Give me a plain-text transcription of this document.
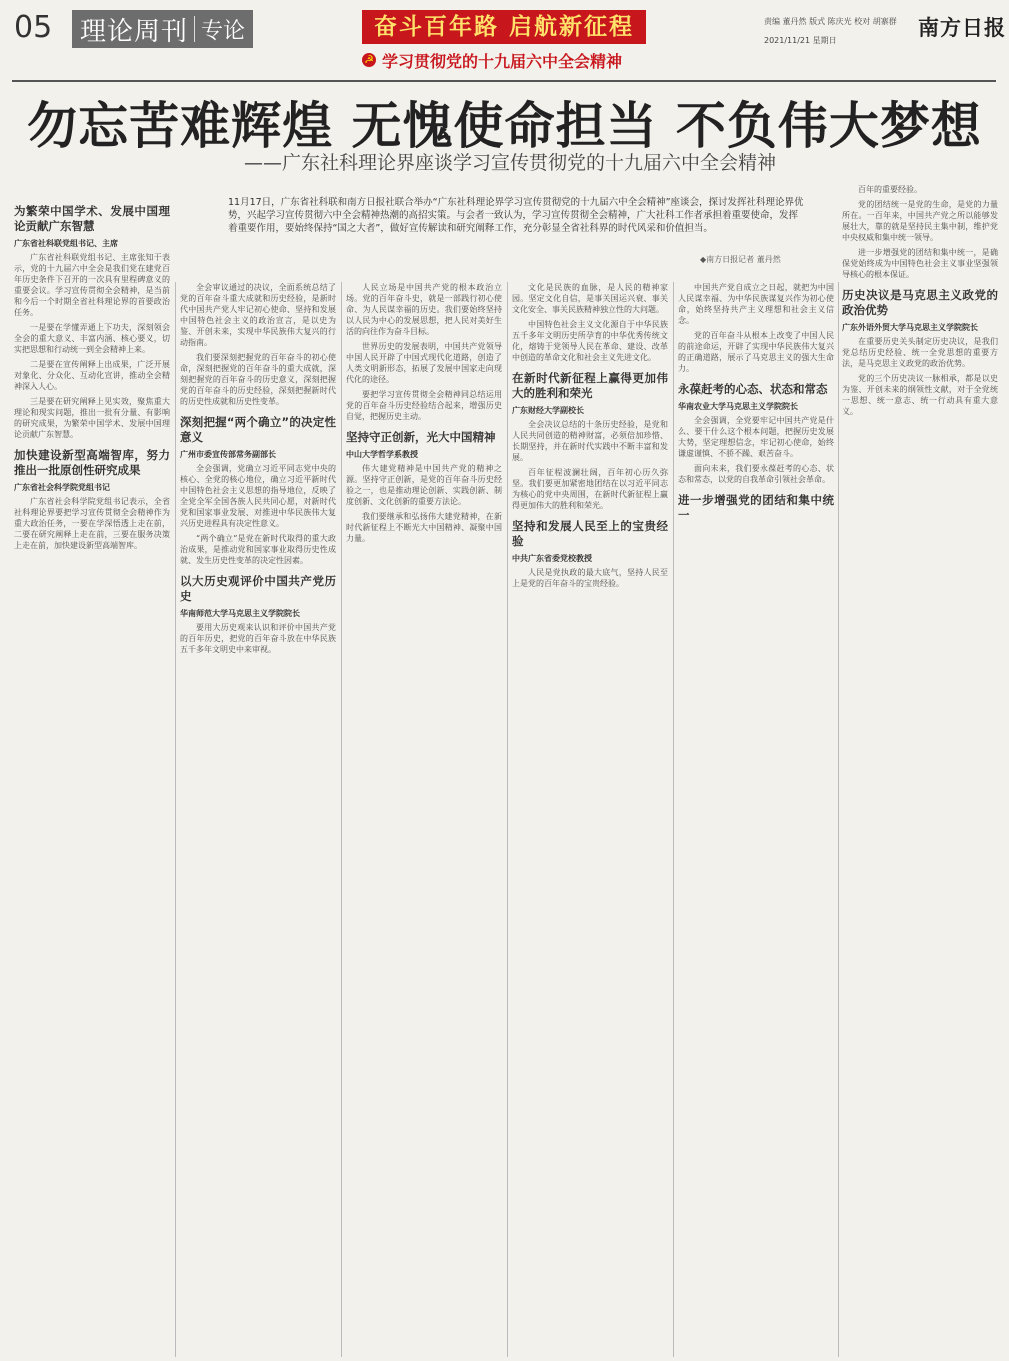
05 理论周刊 专论	奋斗百年路 启航新征程
☭ 学习贯彻党的十九届六中全会精神
责编 董丹然 版式 陈庆光 校对 胡寨群
2021/11/21 星期日
南方日报
勿忘苦难辉煌 无愧使命担当 不负伟大梦想
——广东社科理论界座谈学习宣传贯彻党的十九届六中全会精神
11月17日，广东省社科联和南方日报社联合举办“广东社科理论界学习宣传贯彻党的十九届六中全会精神”座谈会，探讨发挥社科理论界优势，兴起学习宣传贯彻六中全会精神热潮的高招实策。与会者一致认为，学习宣传贯彻全会精神，广大社科工作者承担着重要使命，发挥着重要作用，要始终保持“国之大者”，做好宣传解读和研究阐释工作，充分彰显全省社科界的时代风采和价值担当。
◆南方日报记者 董丹然
为繁荣中国学术、发展中国理论贡献广东智慧
广东省社科联党组书记、主席

广东省社科联党组书记、主席张知干表示，党的十九届六中全会是我们党在建党百年历史条件下召开的一次具有里程碑意义的重要会议。学习宣传贯彻全会精神，是当前和今后一个时期全省社科理论界的首要政治任务。

一是要在学懂弄通上下功夫，深刻领会全会的重大意义、丰富内涵、核心要义，切实把思想和行动统一到全会精神上来。

二是要在宣传阐释上出成果，广泛开展对象化、分众化、互动化宣讲，推动全会精神深入人心。

三是要在研究阐释上见实效，聚焦重大理论和现实问题，推出一批有分量、有影响的研究成果，为繁荣中国学术、发展中国理论贡献广东智慧。

加快建设新型高端智库，努力推出一批原创性研究成果
广东省社会科学院党组书记

广东省社会科学院党组书记表示，全省社科理论界要把学习宣传贯彻全会精神作为重大政治任务，一要在学深悟透上走在前，二要在研究阐释上走在前，三要在服务决策上走在前，加快建设新型高端智库。

全会审议通过的决议，全面系统总结了党的百年奋斗重大成就和历史经验，是新时代中国共产党人牢记初心使命、坚持和发展中国特色社会主义的政治宣言，是以史为鉴、开创未来，实现中华民族伟大复兴的行动指南。

我们要深刻把握党的百年奋斗的初心使命，深刻把握党的百年奋斗的重大成就，深刻把握党的百年奋斗的历史意义，深刻把握党的百年奋斗的历史经验，深刻把握新时代的历史性成就和历史性变革。

深刻把握“两个确立”的决定性意义
广州市委宣传部常务副部长

全会强调，党确立习近平同志党中央的核心、全党的核心地位，确立习近平新时代中国特色社会主义思想的指导地位，反映了全党全军全国各族人民共同心愿，对新时代党和国家事业发展、对推进中华民族伟大复兴历史进程具有决定性意义。

“两个确立”是党在新时代取得的重大政治成果，是推动党和国家事业取得历史性成就、发生历史性变革的决定性因素。

以大历史观评价中国共产党历史
华南师范大学马克思主义学院院长

要用大历史观来认识和评价中国共产党的百年历史，把党的百年奋斗放在中华民族五千多年文明史中来审视。

人民立场是中国共产党的根本政治立场。党的百年奋斗史，就是一部践行初心使命、为人民谋幸福的历史。我们要始终坚持以人民为中心的发展思想，把人民对美好生活的向往作为奋斗目标。

世界历史的发展表明，中国共产党领导中国人民开辟了中国式现代化道路，创造了人类文明新形态，拓展了发展中国家走向现代化的途径。

要把学习宣传贯彻全会精神同总结运用党的百年奋斗历史经验结合起来，增强历史自觉，把握历史主动。

坚持守正创新，光大中国精神
中山大学哲学系教授

伟大建党精神是中国共产党的精神之源。坚持守正创新，是党的百年奋斗历史经验之一，也是推动理论创新、实践创新、制度创新、文化创新的重要方法论。

我们要继承和弘扬伟大建党精神，在新时代新征程上不断光大中国精神、凝聚中国力量。

文化是民族的血脉，是人民的精神家园。坚定文化自信，是事关国运兴衰、事关文化安全、事关民族精神独立性的大问题。

中国特色社会主义文化源自于中华民族五千多年文明历史所孕育的中华优秀传统文化，熔铸于党领导人民在革命、建设、改革中创造的革命文化和社会主义先进文化。

在新时代新征程上赢得更加伟大的胜利和荣光
广东财经大学副校长

全会决议总结的十条历史经验，是党和人民共同创造的精神财富，必须倍加珍惜、长期坚持，并在新时代实践中不断丰富和发展。

百年征程波澜壮阔，百年初心历久弥坚。我们要更加紧密地团结在以习近平同志为核心的党中央周围，在新时代新征程上赢得更加伟大的胜利和荣光。

坚持和发展人民至上的宝贵经验
中共广东省委党校教授

人民是党执政的最大底气，坚持人民至上是党的百年奋斗的宝贵经验。

中国共产党自成立之日起，就把为中国人民谋幸福、为中华民族谋复兴作为初心使命，始终坚持共产主义理想和社会主义信念。

党的百年奋斗从根本上改变了中国人民的前途命运，开辟了实现中华民族伟大复兴的正确道路，展示了马克思主义的强大生命力。

永葆赶考的心态、状态和常态
华南农业大学马克思主义学院院长

全会强调，全党要牢记中国共产党是什么、要干什么这个根本问题，把握历史发展大势，坚定理想信念，牢记初心使命，始终谦虚谨慎、不骄不躁、艰苦奋斗。

面向未来，我们要永葆赶考的心态、状态和常态，以党的自我革命引领社会革命。

进一步增强党的团结和集中统一

百年的重要经验。

党的团结统一是党的生命，是党的力量所在。一百年来，中国共产党之所以能够发展壮大，靠的就是坚持民主集中制，维护党中央权威和集中统一领导。

进一步增强党的团结和集中统一，是确保党始终成为中国特色社会主义事业坚强领导核心的根本保证。

历史决议是马克思主义政党的政治优势
广东外语外贸大学马克思主义学院院长

在重要历史关头制定历史决议，是我们党总结历史经验、统一全党思想的重要方法，是马克思主义政党的政治优势。

党的三个历史决议一脉相承，都是以史为鉴、开创未来的纲领性文献，对于全党统一思想、统一意志、统一行动具有重大意义。
